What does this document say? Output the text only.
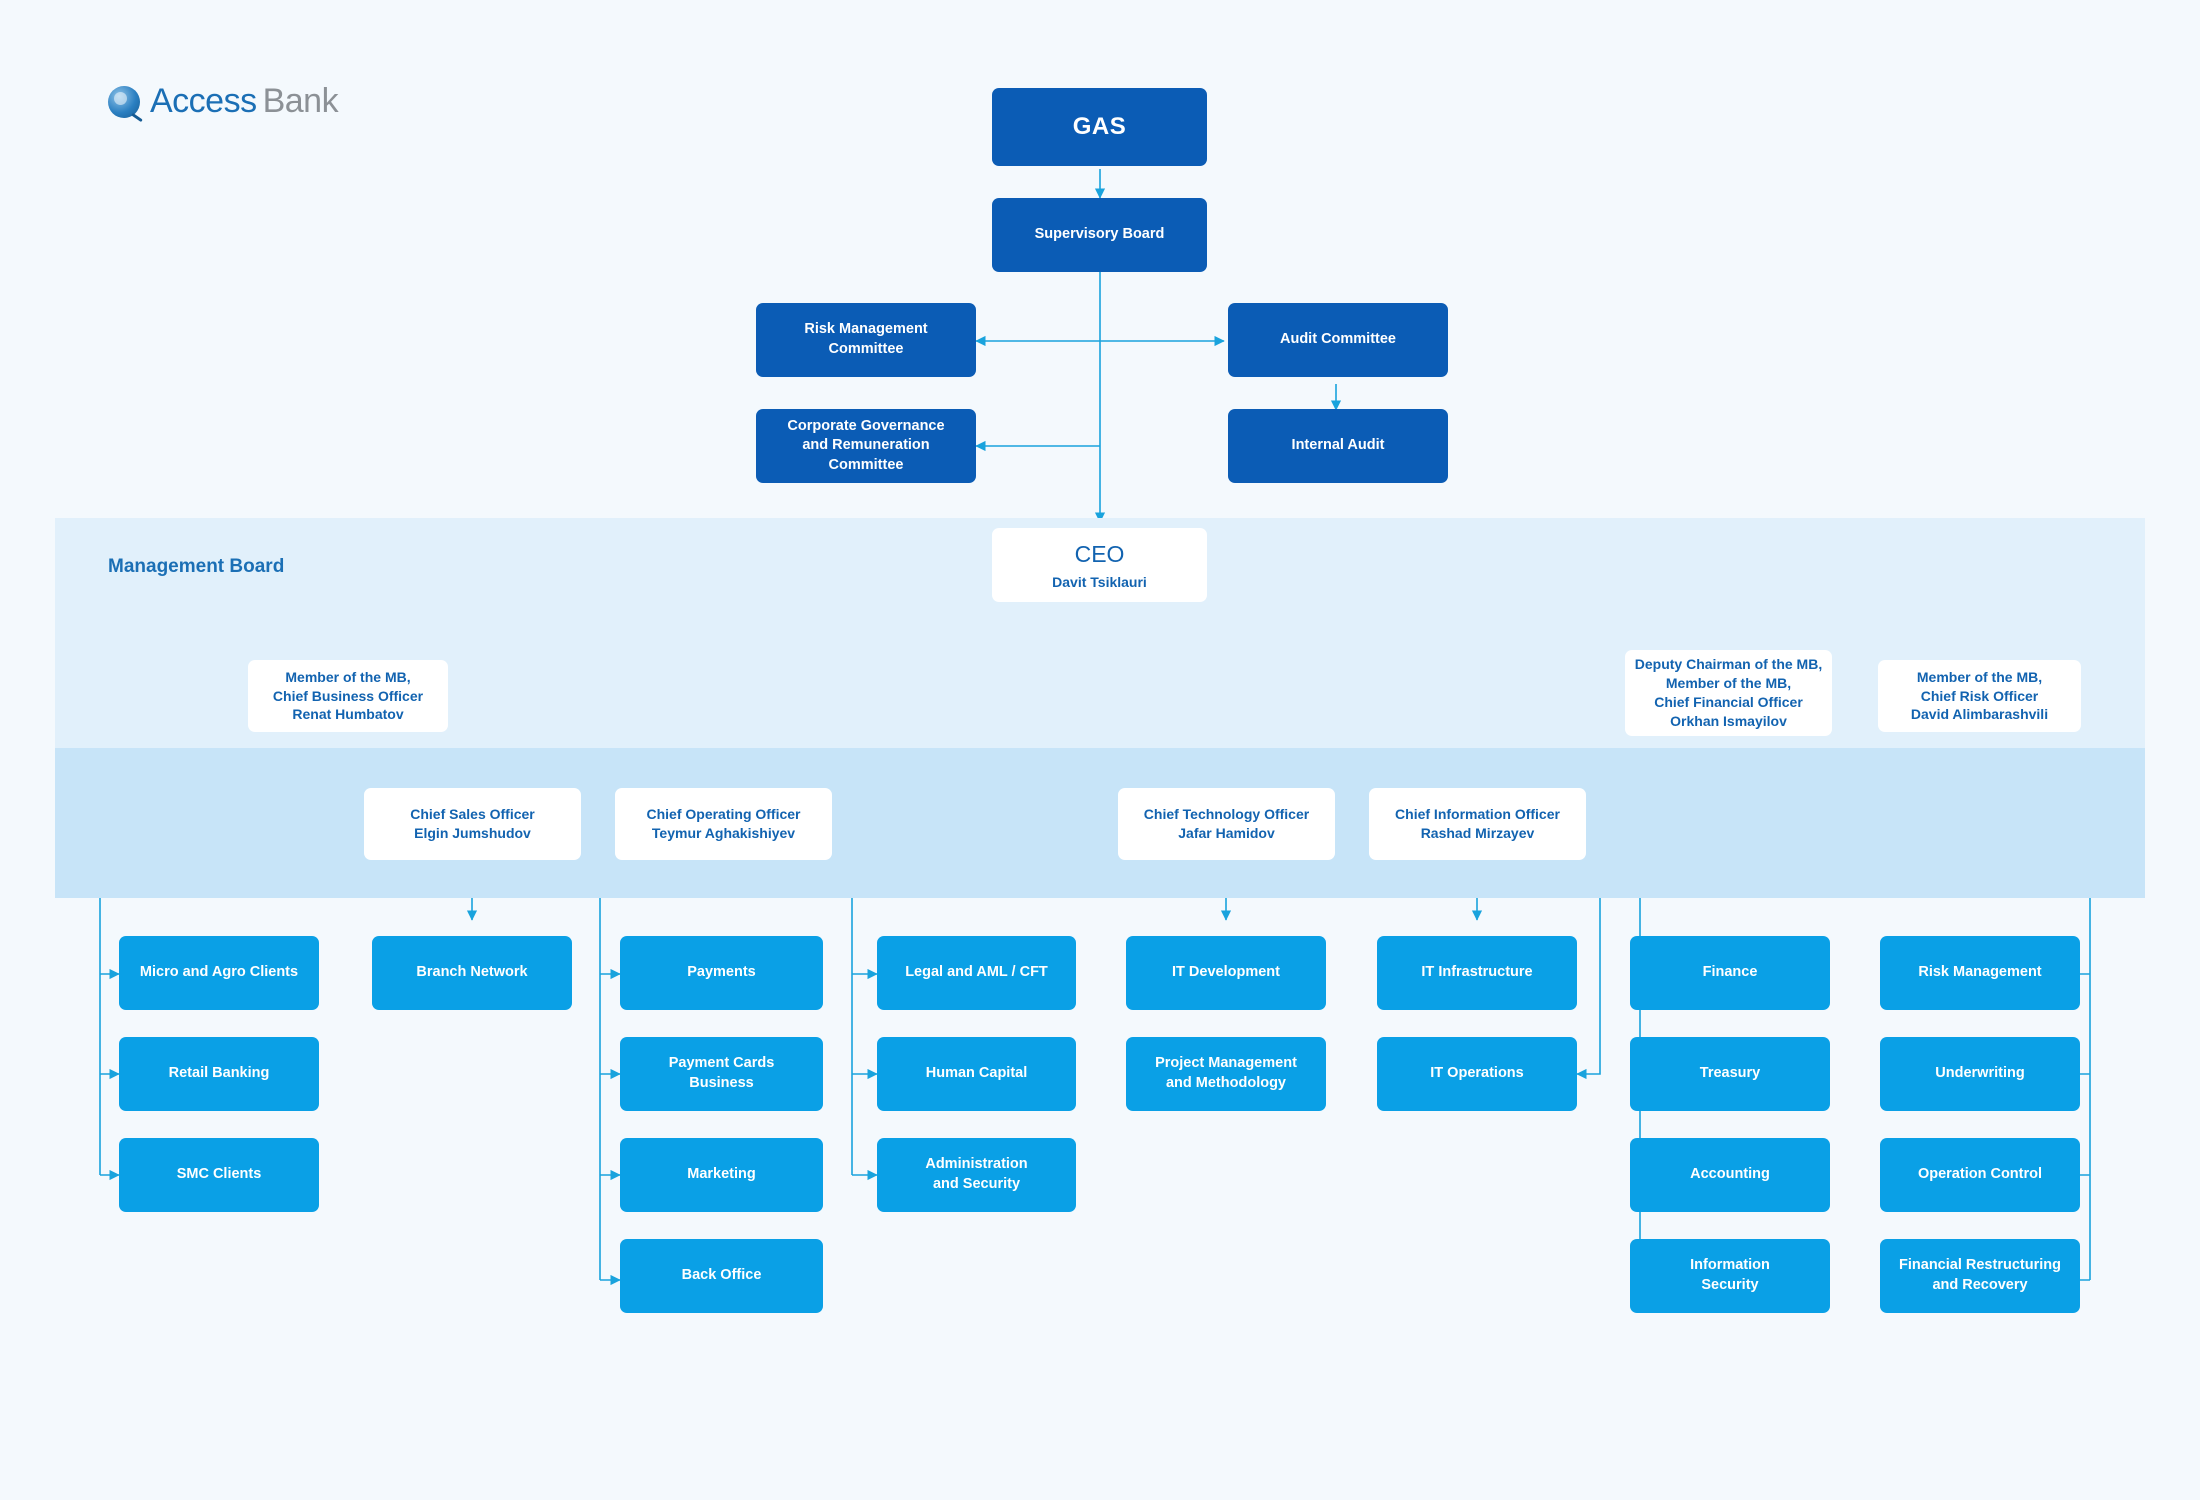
Management Board
Access Bank
GAS
Supervisory Board
Risk Management
Committee
Audit Committee
Corporate Governance
and Remuneration
Committee
Internal Audit
CEO
Davit Tsiklauri
Member of the MB,
Chief Business Officer
Renat Humbatov
Deputy Chairman of the MB,
Member of the MB,
Chief Financial Officer
Orkhan Ismayilov
Member of the MB,
Chief Risk Officer
David Alimbarashvili
Chief Sales Officer
Elgin Jumshudov
Chief Operating Officer
Teymur Aghakishiyev
Chief Technology Officer
Jafar Hamidov
Chief Information Officer
Rashad Mirzayev
Micro and Agro Clients
Retail Banking
SMC Clients
Branch Network	Payments
Payment Cards
Business
Marketing
Back Office
Legal and AML / CFT
Human Capital
Administration
and Security
IT Development
Project Management
and Methodology
IT Infrastructure
IT Operations
Finance
Treasury
Accounting
Information
Security
Risk Management
Underwriting
Operation Control
Financial Restructuring
and Recovery
